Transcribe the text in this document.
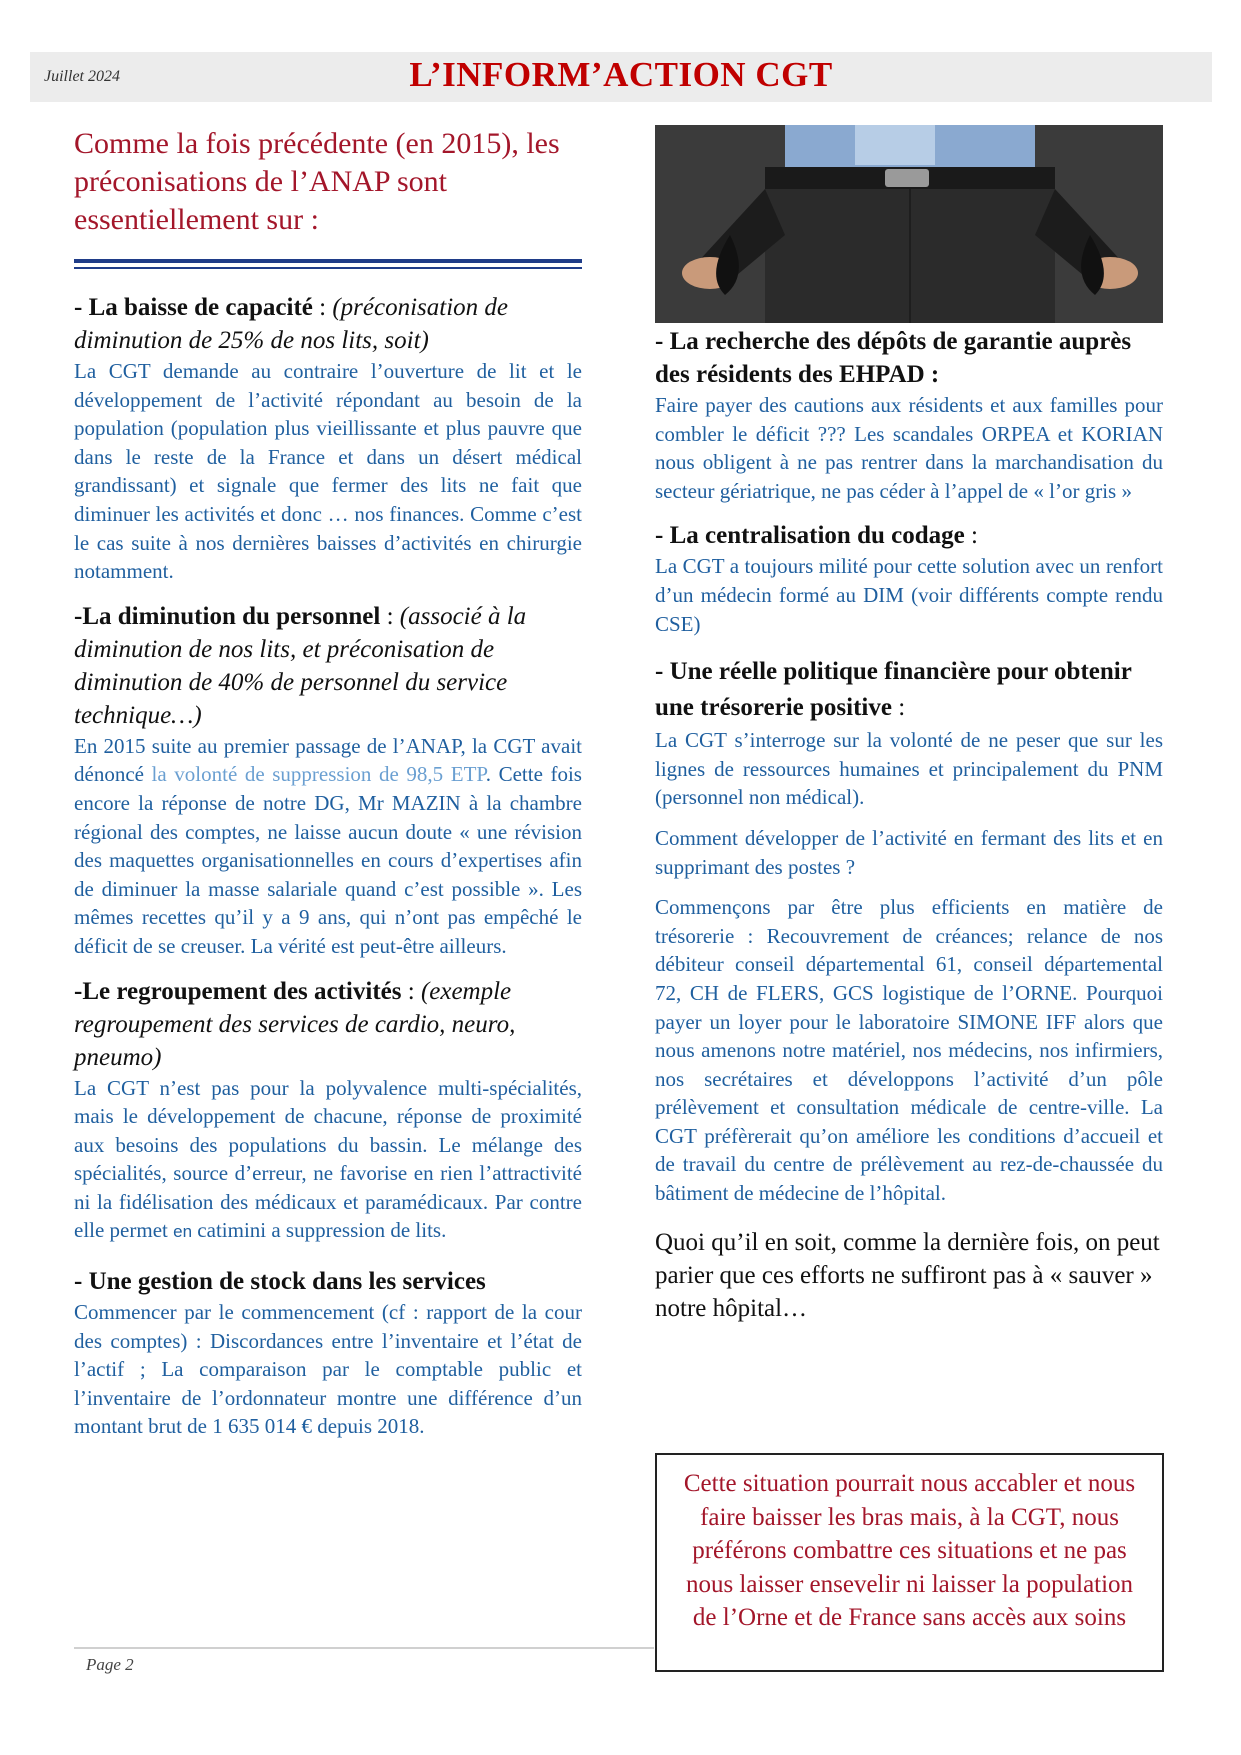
Juillet 2024	L’INFORM’ACTION CGT

Comme la fois précédente (en 2015), les préconisations de l’ANAP sont essentiellement sur :

- La baisse de capacité : (préconisation de diminution de 25% de nos lits, soit)

La CGT demande au contraire l’ouverture de lit et le développement de l’activité répondant au besoin de la population (population plus vieillissante et plus pauvre que dans le reste de la France et dans un désert médical grandissant) et signale que fermer des lits ne fait que diminuer les activités et donc … nos finances. Comme c’est le cas suite à nos dernières baisses d’activités en chirurgie notamment.

-La diminution du personnel : (associé à la diminution de nos lits, et préconisation de diminution de 40% de personnel du service technique…)

En 2015 suite au premier passage de l’ANAP, la CGT avait dénoncé la volonté de suppression de 98,5 ETP. Cette fois encore la réponse de notre DG, Mr MAZIN à la chambre régional des comptes, ne laisse aucun doute « une révision des maquettes organisationnelles en cours d’expertises afin de diminuer la masse salariale quand c’est possible ». Les mêmes recettes qu’il y a 9 ans, qui n’ont pas empêché le déficit de se creuser. La vérité est peut-être ailleurs.

-Le regroupement des activités : (exemple regroupement des services de cardio, neuro, pneumo)

La CGT n’est pas pour la polyvalence multi-spécialités, mais le développement de chacune, réponse de proximité aux besoins des populations du bassin. Le mélange des spécialités, source d’erreur, ne favorise en rien l’attractivité ni la fidélisation des médicaux et paramédicaux. Par contre elle permet en catimini a suppression de lits.

- Une gestion de stock dans les services

Commencer par le commencement (cf : rapport de la cour des comptes) : Discordances entre l’inventaire et l’état de l’actif ; La comparaison par le comptable public et l’inventaire de l’ordonnateur montre une différence d’un montant brut de 1 635 014 € depuis 2018.

- La recherche des dépôts de garantie auprès des résidents des EHPAD :

Faire payer des cautions aux résidents et aux familles pour combler le déficit ??? Les scandales ORPEA et KORIAN nous obligent à ne pas rentrer dans la marchandisation du secteur gériatrique, ne pas céder à l’appel de « l’or gris »

- La centralisation du codage :

La CGT a toujours milité pour cette solution avec un renfort d’un médecin formé au DIM (voir différents compte rendu CSE)

- Une réelle politique financière pour obtenir une trésorerie positive :

La CGT s’interroge sur la volonté de ne peser que sur les lignes de ressources humaines et principalement du PNM (personnel non médical).

Comment développer de l’activité en fermant des lits et en supprimant des postes ?

Commençons par être plus efficients en matière de trésorerie : Recouvrement de créances; relance de nos débiteur conseil départemental 61, conseil départemental 72, CH de FLERS, GCS logistique de l’ORNE. Pourquoi payer un loyer pour le laboratoire SIMONE IFF alors que nous amenons notre matériel, nos médecins, nos infirmiers, nos secrétaires et développons l’activité d’un pôle prélèvement et consultation médicale de centre-ville. La CGT préfèrerait qu’on améliore les conditions d’accueil et de travail du centre de prélèvement au rez-de-chaussée du bâtiment de médecine de l’hôpital.

Quoi qu’il en soit, comme la dernière fois, on peut parier que ces efforts ne suffiront pas à « sauver » notre hôpital…

Cette situation pourrait nous accabler et nous faire baisser les bras mais, à la CGT, nous préférons combattre ces situations et ne pas nous laisser ensevelir ni laisser la population de l’Orne et de France sans accès aux soins
Page 2
